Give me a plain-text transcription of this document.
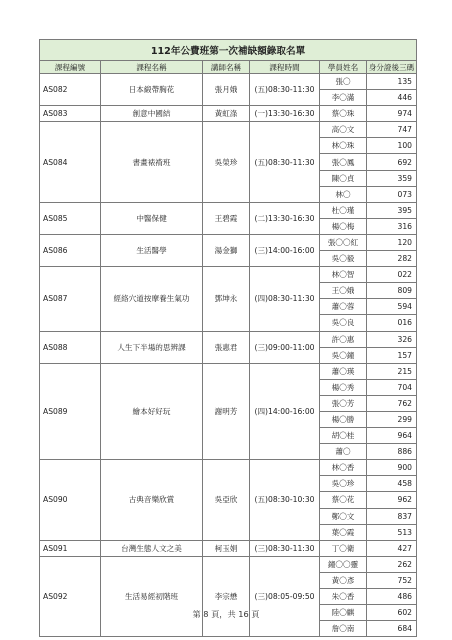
112年公費班第一次補缺額錄取名單					
課程編號	課程名稱	講師名稱	課程時間	學員姓名	身分證後三碼
AS082	日本緞帶胸花	張月娥	(五)08:30-11:30	張〇	135
				李〇滿	446
AS083	創意中國結	黃虹涤	(一)13:30-16:30	蔡〇珠	974
AS084	書畫裱褙班	吳榮珍	(五)08:30-11:30	高〇文	747
				林〇珠	100
				張〇鳳	692
				陳〇貞	359
				林〇	073
AS085	中醫保健	王碧霞	(二)13:30-16:30	杜〇瑾	395
				楊〇梅	316
AS086	生活醫學	湯金獅	(三)14:00-16:00	張〇〇紅	120
				吳〇毅	282
AS087	經絡穴道按摩養生氣功	鄧坤永	(四)08:30-11:30	林〇智	022
				王〇娥	809
				蕭〇蓉	594
				吳〇良	016
AS088	人生下半場的思辨課	張惠君	(三)09:00-11:00	許〇惠	326
				吳〇鐘	157
AS089	繪本好好玩	謝明芳	(四)14:00-16:00	蕭〇瑛	215
				楊〇秀	704
				張〇芳	762
				楊〇勝	299
				胡〇桂	964
				蕭〇	886
AS090	古典音樂欣賞	吳亞欣	(五)08:30-10:30	林〇香	900
				吳〇珍	458
				蔡〇花	962
				鄭〇文	837
				葉〇霞	513
AS091	台灣生態人文之美	柯玉娟	(三)08:30-11:30	丁〇衛	427
AS092	生活易經初階班	李宗懋	(三)08:05-09:50	鐘〇〇靈	262
				黃〇彥	752
				朱〇香	486
				陸〇麒	602
				詹〇南	684
第 8 頁，共 16 頁
